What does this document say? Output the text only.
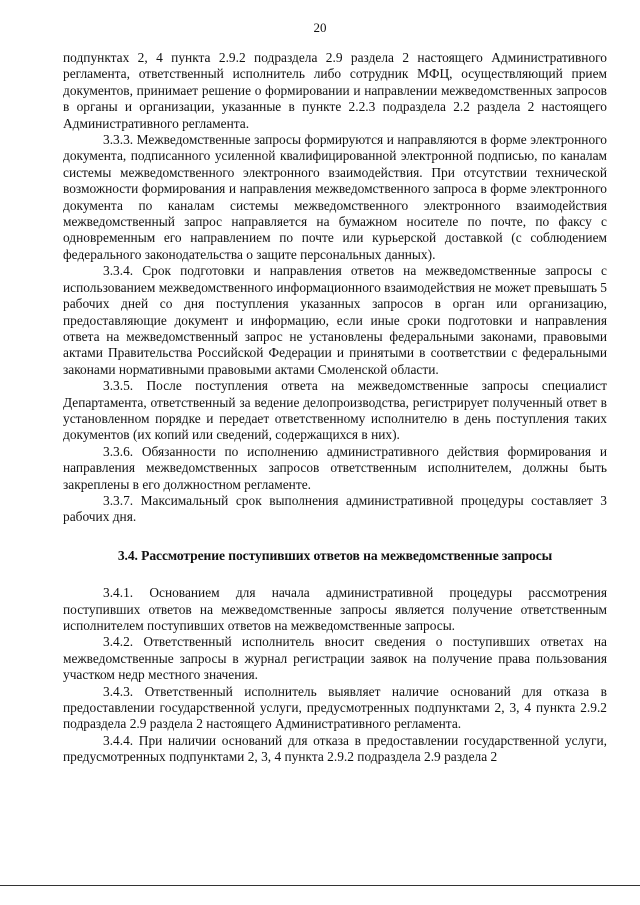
20

подпунктах 2, 4 пункта 2.9.2 подраздела 2.9 раздела 2 настоящего Административного регламента, ответственный исполнитель либо сотрудник МФЦ, осуществляющий прием документов, принимает решение о формировании и направлении межведомственных запросов в органы и организации, указанные в пункте 2.2.3 подраздела 2.2 раздела 2 настоящего Административного регламента.

3.3.3. Межведомственные запросы формируются и направляются в форме электронного документа, подписанного усиленной квалифицированной электронной подписью, по каналам системы межведомственного электронного взаимодействия. При отсутствии технической возможности формирования и направления межведомственного запроса в форме электронного документа по каналам системы межведомственного электронного взаимодействия межведомственный запрос направляется на бумажном носителе по почте, по факсу с одновременным его направлением по почте или курьерской доставкой (с соблюдением федерального законодательства о защите персональных данных).

3.3.4. Срок подготовки и направления ответов на межведомственные запросы с использованием межведомственного информационного взаимодействия не может превышать 5 рабочих дней со дня поступления указанных запросов в орган или организацию, предоставляющие документ и информацию, если иные сроки подготовки и направления ответа на межведомственный запрос не установлены федеральными законами, правовыми актами Правительства Российской Федерации и принятыми в соответствии с федеральными законами нормативными правовыми актами Смоленской области.

3.3.5. После поступления ответа на межведомственные запросы специалист Департамента, ответственный за ведение делопроизводства, регистрирует полученный ответ в установленном порядке и передает ответственному исполнителю в день поступления таких документов (их копий или сведений, содержащихся в них).

3.3.6. Обязанности по исполнению административного действия формирования и направления межведомственных запросов ответственным исполнителем, должны быть закреплены в его должностном регламенте.

3.3.7. Максимальный срок выполнения административной процедуры составляет 3 рабочих дня.

3.4. Рассмотрение поступивших ответов на межведомственные запросы

3.4.1. Основанием для начала административной процедуры рассмотрения поступивших ответов на межведомственные запросы является получение ответственным исполнителем поступивших ответов на межведомственные запросы.

3.4.2. Ответственный исполнитель вносит сведения о поступивших ответах на межведомственные запросы в журнал регистрации заявок на получение права пользования участком недр местного значения.

3.4.3. Ответственный исполнитель выявляет наличие оснований для отказа в предоставлении государственной услуги, предусмотренных подпунктами 2, 3, 4 пункта 2.9.2 подраздела 2.9 раздела 2 настоящего Административного регламента.

3.4.4. При наличии оснований для отказа в предоставлении государственной услуги, предусмотренных подпунктами 2, 3, 4 пункта 2.9.2 подраздела 2.9 раздела 2
